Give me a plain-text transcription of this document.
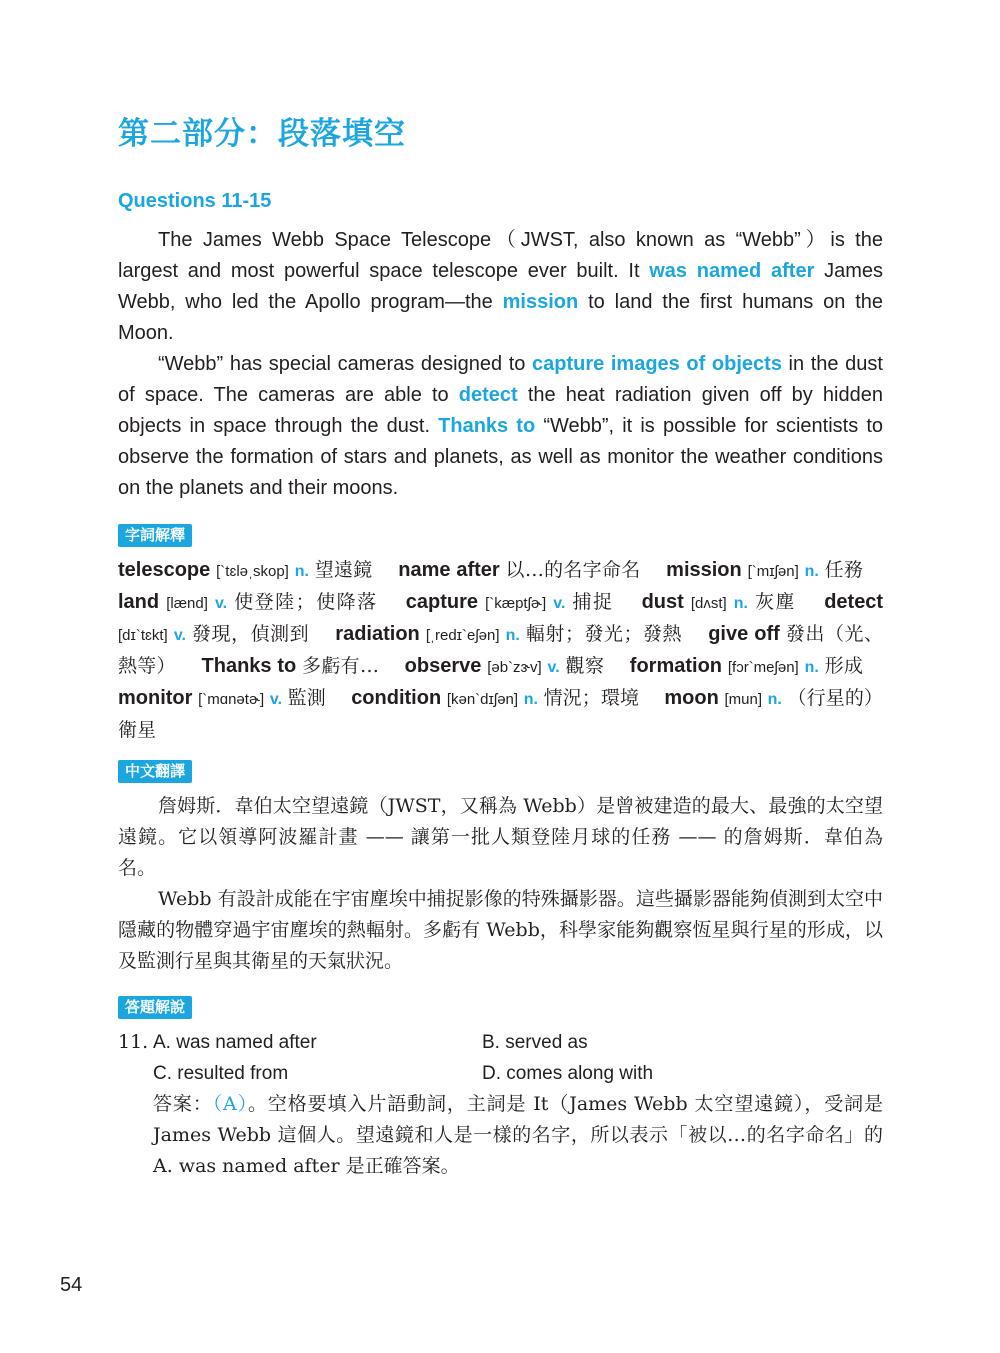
第二部分：段落填空
Questions 11-15

The James Webb Space Telescope（JWST, also known as “Webb”）is the largest and most powerful space telescope ever built. It was named after James Webb, who led the Apollo program—the mission to land the first humans on the Moon.

“Webb” has special cameras designed to capture images of objects in the dust of space. The cameras are able to detect the heat radiation given off by hidden objects in space through the dust. Thanks to “Webb”, it is possible for scientists to observe the formation of stars and planets, as well as monitor the weather conditions on the planets and their moons.

字詞解釋
telescope [`tɛləˌskop] n. 望遠鏡 name after 以…的名字命名 mission [`mɪʃən] n. 任務  land [lænd] v. 使登陸；使降落 capture [`kæptʃɚ] v. 捕捉 dust [dʌst] n. 灰塵 detect [dɪ`tɛkt] v. 發現，偵測到 radiation [ˌredɪ`eʃən] n. 輻射；發光；發熱 give off 發出（光、熱等） Thanks to 多虧有… observe [əb`zɝv] v. 觀察 formation [fɔr`meʃən] n. 形成  monitor [`mɑnətɚ] v. 監測 condition [kən`dɪʃən] n. 情況；環境 moon [mun] n. （行星的）衛星
中文翻譯

詹姆斯．韋伯太空望遠鏡（JWST，又稱為 Webb）是曾被建造的最大、最強的太空望遠鏡。它以領導阿波羅計畫 —— 讓第一批人類登陸月球的任務 —— 的詹姆斯．韋伯為名。

Webb 有設計成能在宇宙塵埃中捕捉影像的特殊攝影器。這些攝影器能夠偵測到太空中隱藏的物體穿過宇宙塵埃的熱輻射。多虧有 Webb，科學家能夠觀察恆星與行星的形成，以及監測行星與其衛星的天氣狀況。

答題解說
11. A. was named after	B. served as
C. resulted from	D. comes along with

答案：（A）。空格要填入片語動詞，主詞是 It（James Webb 太空望遠鏡），受詞是 James Webb 這個人。望遠鏡和人是一樣的名字，所以表示「被以…的名字命名」的 A. was named after 是正確答案。

54
